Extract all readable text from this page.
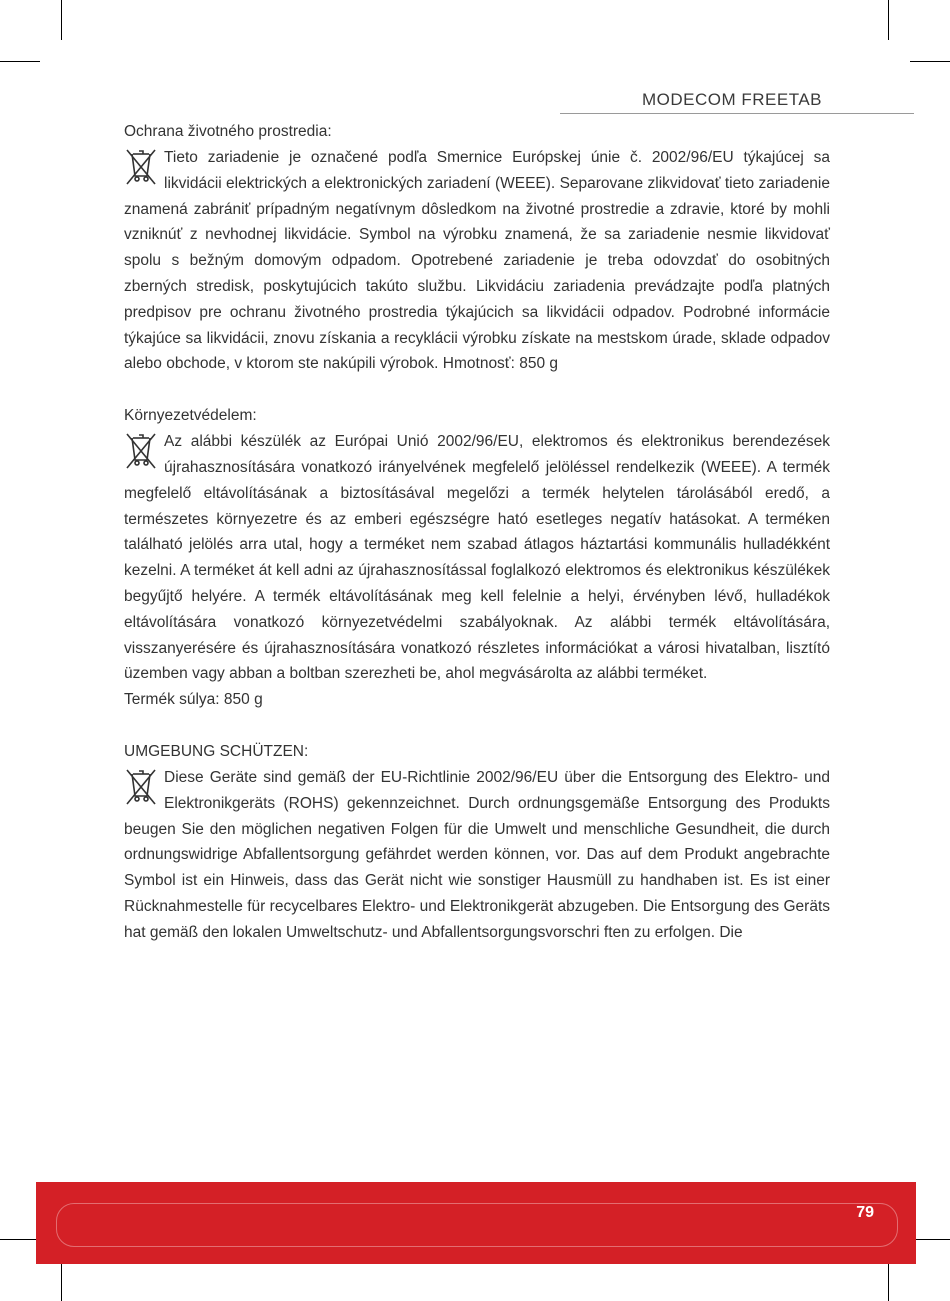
MODECOM FREETAB

Ochrana životného prostredia:

Tieto zariadenie je označené podľa Smernice Európskej únie č. 2002/96/EU týkajúcej sa likvidácii elektrických a elektronických zariadení (WEEE). Separovane zlikvidovať tieto zariadenie znamená zabrániť prípadným negatívnym dôsledkom na životné prostredie a zdravie, ktoré by mohli vzniknúť z nevhodnej likvidácie. Symbol na výrobku znamená, že sa zariadenie nesmie likvidovať spolu s bežným domovým odpadom. Opotrebené zariadenie je treba odovzdať do osobitných zberných stredisk, poskytujúcich takúto službu. Likvidáciu zariadenia prevádzajte podľa platných predpisov pre ochranu životného prostredia týkajúcich sa likvidácii odpadov. Podrobné informácie týkajúce sa likvidácii, znovu získania a recyklácii výrobku získate na mestskom úrade, sklade odpadov alebo obchode, v ktorom ste nakúpili výrobok. Hmotnosť: 850 g

Környezetvédelem:

Az alábbi készülék az Európai Unió 2002/96/EU, elektromos és elektronikus berendezések újrahasznosítására vonatkozó irányelvének megfelelő jelöléssel rendelkezik (WEEE). A termék megfelelő eltávolításának a biztosításával megelőzi a termék helytelen tárolásából eredő, a természetes környezetre és az emberi egészségre ható esetleges negatív hatásokat. A terméken található jelölés arra utal, hogy a terméket nem szabad átlagos háztartási kommunális hulladékként kezelni. A terméket át kell adni az újrahasznosítással foglalkozó elektromos és elektronikus készülékek begyűjtő helyére. A termék eltávolításának meg kell felelnie a helyi, érvényben lévő, hulladékok eltávolítására vonatkozó környezetvédelmi szabályoknak. Az alábbi termék eltávolítására, visszanyerésére és újrahasznosítására vonatkozó részletes információkat a városi hivatalban, lisztító üzemben vagy abban a boltban szerezheti be, ahol megvásárolta az alábbi terméket.

Termék súlya: 850 g

UMGEBUNG SCHÜTZEN:

Diese Geräte sind gemäß der EU-Richtlinie 2002/96/EU über die Entsorgung des Elektro- und Elektronikgeräts (ROHS) gekennzeichnet. Durch ordnungsgemäße Entsorgung des Produkts beugen Sie den möglichen negativen Folgen für die Umwelt und menschliche Gesundheit, die durch ordnungswidrige Abfallentsorgung gefährdet werden können, vor. Das auf dem Produkt angebrachte Symbol ist ein Hinweis, dass das Gerät nicht wie sonstiger Hausmüll zu handhaben ist. Es ist einer Rücknahmestelle für recycelbares Elektro- und Elektronikgerät abzugeben. Die Entsorgung des Geräts hat gemäß den lokalen Umweltschutz- und Abfallentsorgungsvorschri ften zu erfolgen. Die

79
